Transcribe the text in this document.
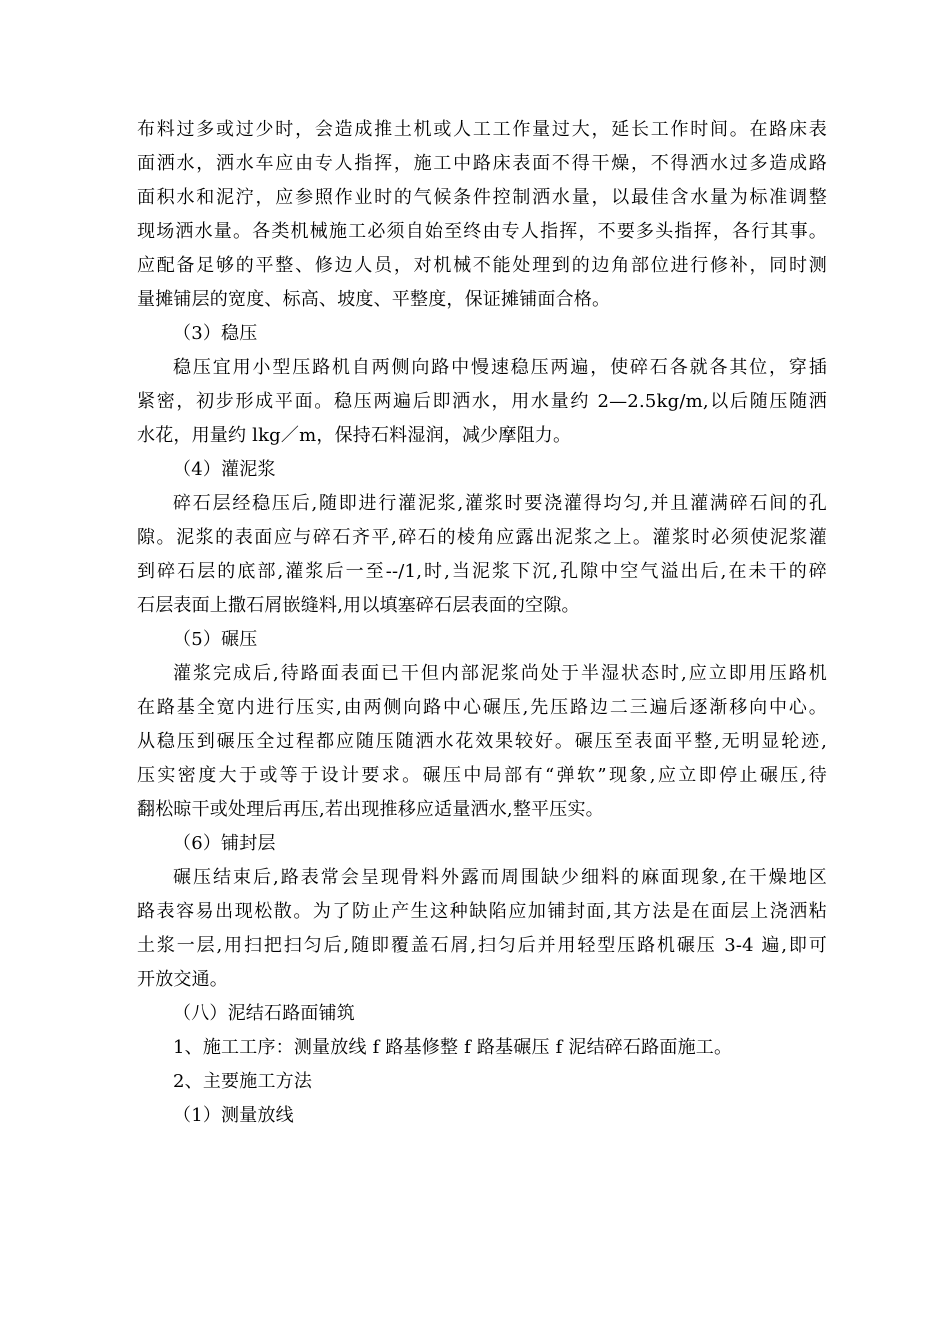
布料过多或过少时，会造成推土机或人工工作量过大，延长工作时间。在路床表
面洒水，洒水车应由专人指挥，施工中路床表面不得干燥，不得洒水过多造成路
面积水和泥泞，应参照作业时的气候条件控制洒水量，以最佳含水量为标准调整
现场洒水量。各类机械施工必须自始至终由专人指挥，不要多头指挥，各行其事。
应配备足够的平整、修边人员，对机械不能处理到的边角部位进行修补，同时测
量摊铺层的宽度、标高、坡度、平整度，保证摊铺面合格。
（3）稳压
稳压宜用小型压路机自两侧向路中慢速稳压两遍，使碎石各就各其位，穿插
紧密，初步形成平面。稳压两遍后即洒水，用水量约 2—2.5kg/m,以后随压随洒
水花，用量约 lkg／m，保持石料湿润，减少摩阻力。
（4）灌泥浆
碎石层经稳压后,随即进行灌泥浆,灌浆时要浇灌得均匀,并且灌满碎石间的孔
隙。泥浆的表面应与碎石齐平,碎石的棱角应露出泥浆之上。灌浆时必须使泥浆灌
到碎石层的底部,灌浆后一至--/1,时,当泥浆下沉,孔隙中空气溢出后,在未干的碎
石层表面上撒石屑嵌缝料,用以填塞碎石层表面的空隙。
（5）碾压
灌浆完成后,待路面表面已干但内部泥浆尚处于半湿状态时,应立即用压路机
在路基全宽内进行压实,由两侧向路中心碾压,先压路边二三遍后逐渐移向中心。
从稳压到碾压全过程都应随压随洒水花效果较好。碾压至表面平整,无明显轮迹,
压实密度大于或等于设计要求。碾压中局部有“弹软”现象,应立即停止碾压,待
翻松晾干或处理后再压,若出现推移应适量洒水,整平压实。
（6）铺封层
碾压结束后,路表常会呈现骨料外露而周围缺少细料的麻面现象,在干燥地区
路表容易出现松散。为了防止产生这种缺陷应加铺封面,其方法是在面层上浇洒粘
土浆一层,用扫把扫匀后,随即覆盖石屑,扫匀后并用轻型压路机碾压 3-4 遍,即可
开放交通。
（八）泥结石路面铺筑
1、施工工序：测量放线 f 路基修整 f 路基碾压 f 泥结碎石路面施工。
2、主要施工方法
（1）测量放线
